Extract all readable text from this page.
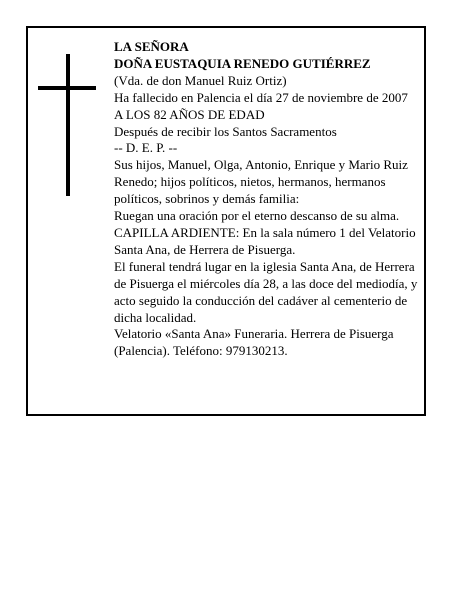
LA SEÑORA

DOÑA EUSTAQUIA RENEDO GUTIÉRREZ

(Vda. de don Manuel Ruiz Ortiz)

Ha fallecido en Palencia el día 27 de noviembre de 2007

A LOS 82 AÑOS DE EDAD

Después de recibir los Santos Sacramentos

-- D. E. P. --

Sus hijos, Manuel, Olga, Antonio, Enrique y Mario Ruiz Renedo; hijos políticos, nietos, hermanos, hermanos políticos, sobrinos y demás familia:

Ruegan una oración por el eterno descanso de su alma.

CAPILLA ARDIENTE: En la sala número 1 del Velatorio Santa Ana, de Herrera de Pisuerga.

El funeral tendrá lugar en la iglesia Santa Ana, de Herrera de Pisuerga el miércoles día 28, a las doce del mediodía, y acto seguido la conducción del cadáver al cementerio de dicha localidad.

Velatorio «Santa Ana» Funeraria. Herrera de Pisuerga (Palencia). Teléfono: 979130213.
